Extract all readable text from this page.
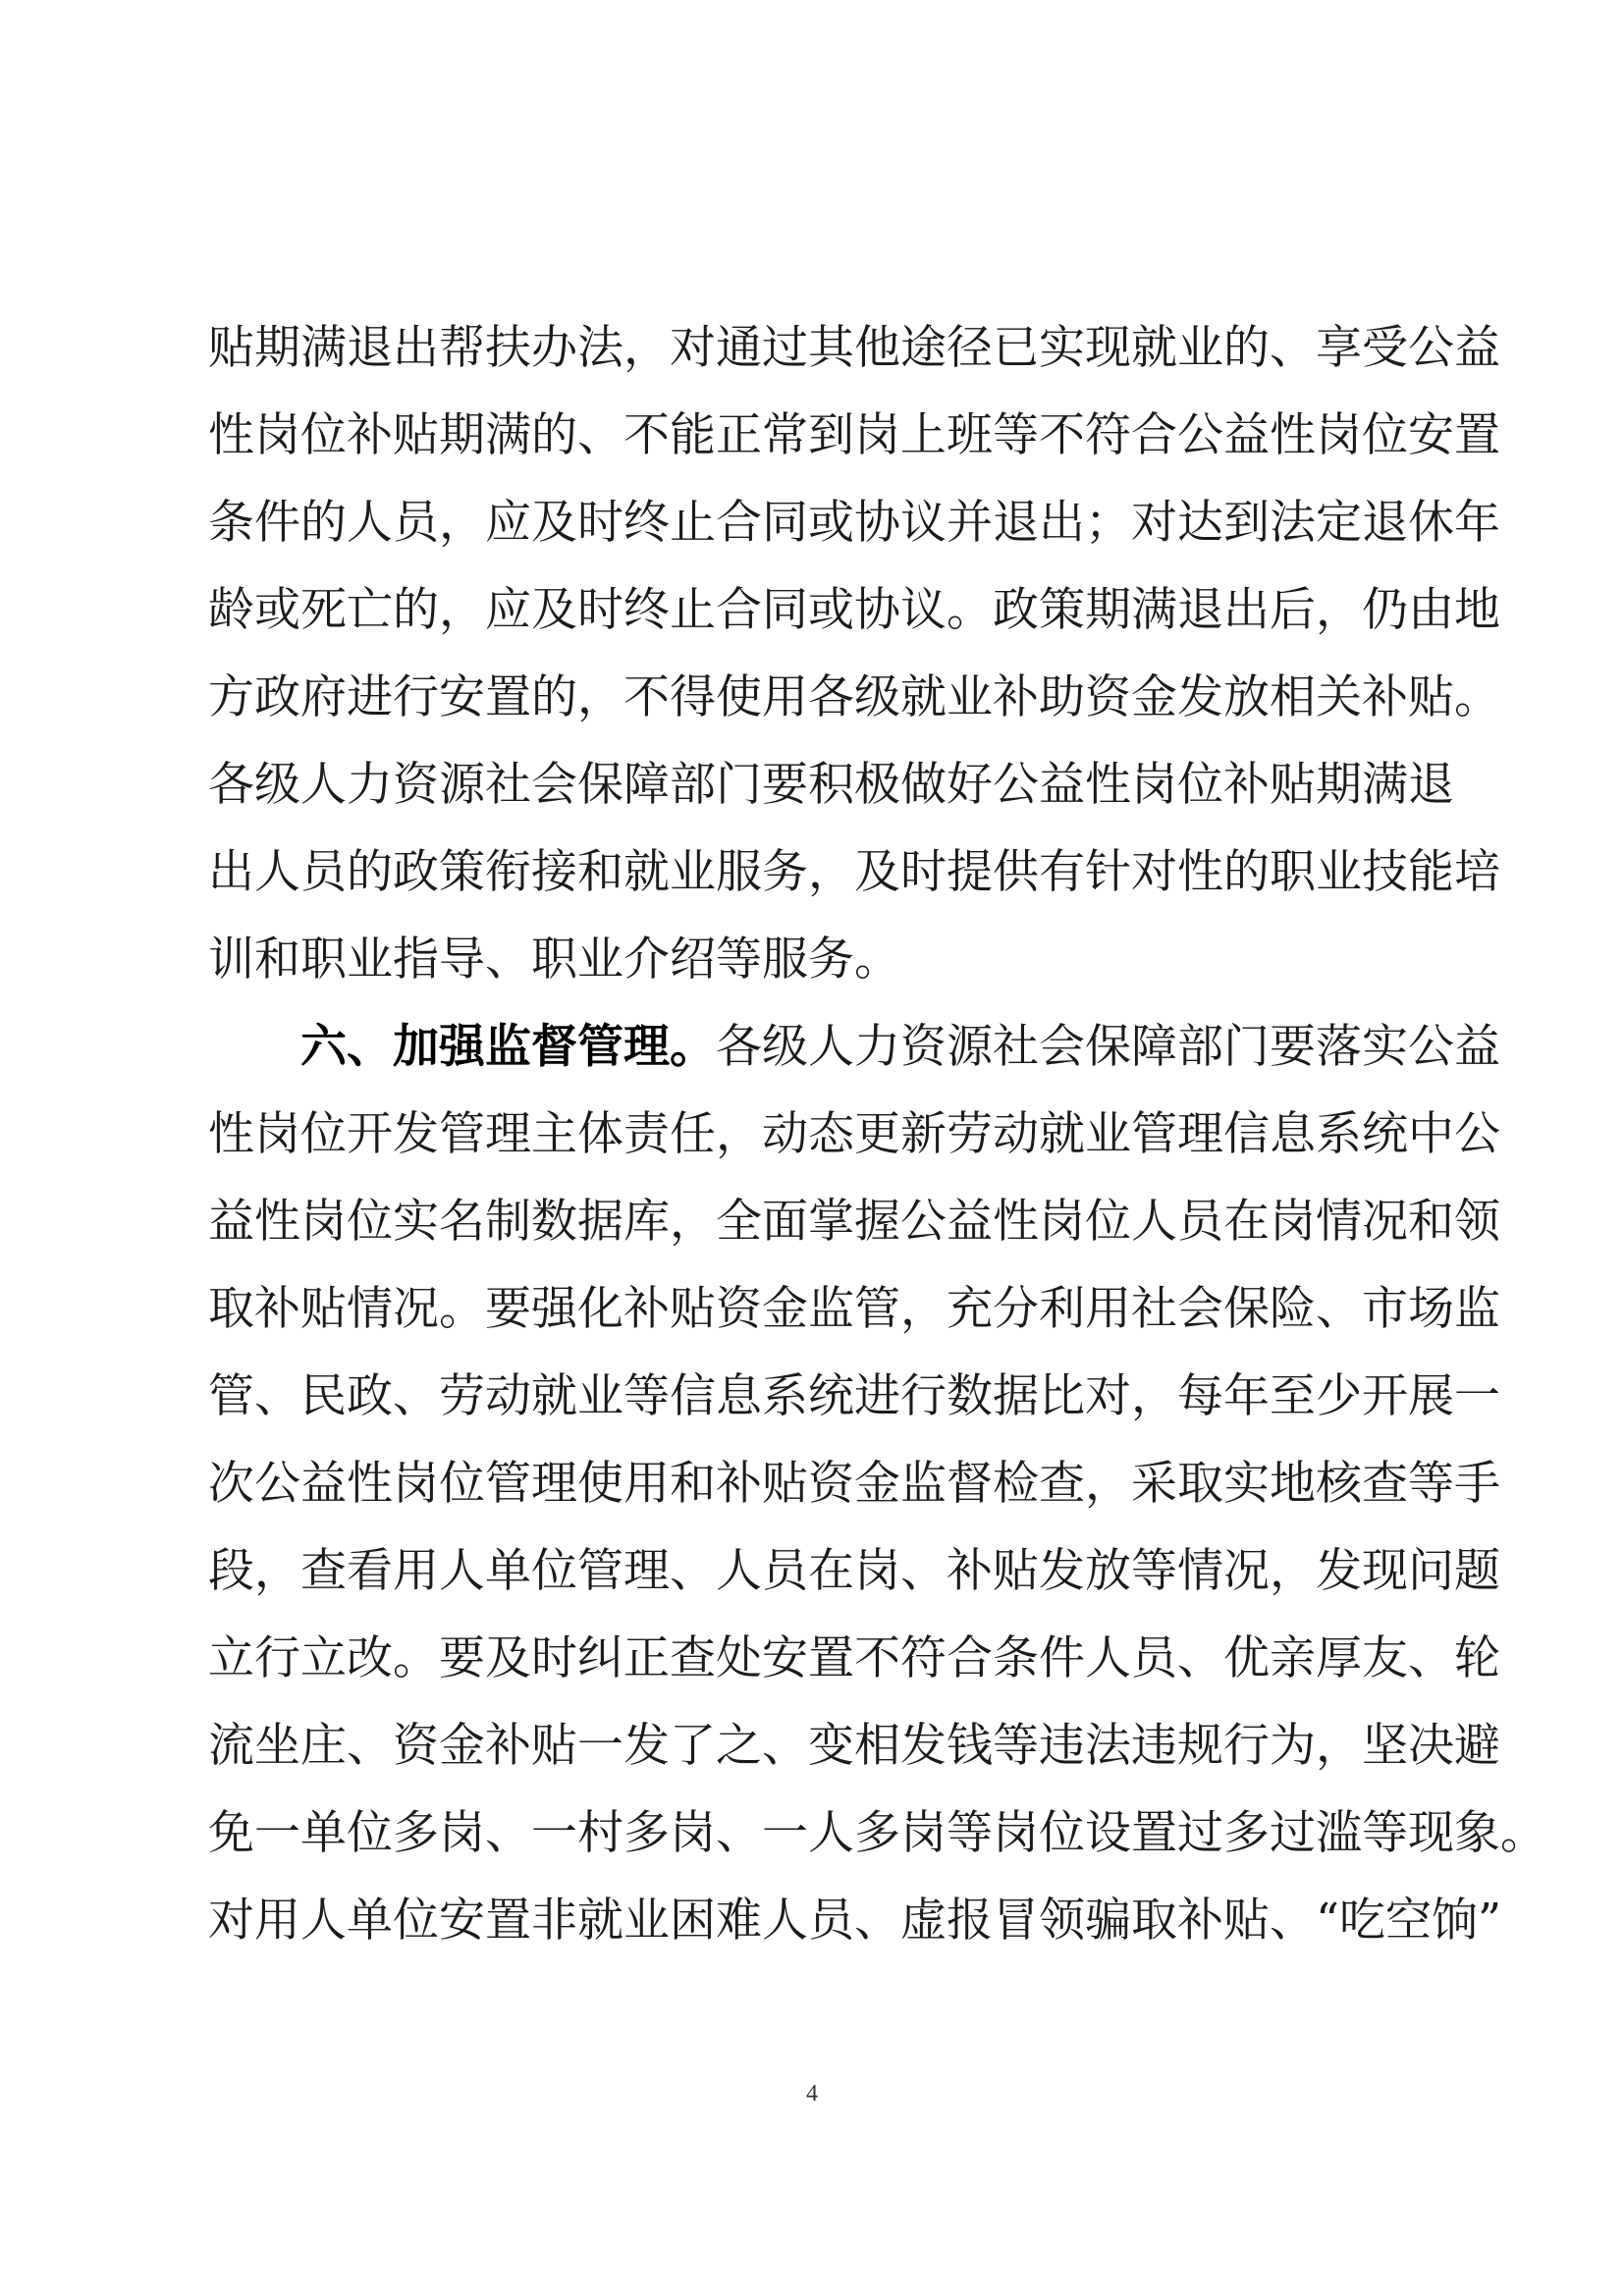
贴期满退出帮扶办法，对通过其他途径已实现就业的、享受公益
性岗位补贴期满的、不能正常到岗上班等不符合公益性岗位安置
条件的人员，应及时终止合同或协议并退出；对达到法定退休年
龄或死亡的，应及时终止合同或协议。政策期满退出后，仍由地
方政府进行安置的，不得使用各级就业补助资金发放相关补贴。
各级人力资源社会保障部门要积极做好公益性岗位补贴期满退
出人员的政策衔接和就业服务，及时提供有针对性的职业技能培
训和职业指导、职业介绍等服务。
六、加强监督管理。各级人力资源社会保障部门要落实公益
性岗位开发管理主体责任，动态更新劳动就业管理信息系统中公
益性岗位实名制数据库，全面掌握公益性岗位人员在岗情况和领
取补贴情况。要强化补贴资金监管，充分利用社会保险、市场监
管、民政、劳动就业等信息系统进行数据比对，每年至少开展一
次公益性岗位管理使用和补贴资金监督检查，采取实地核查等手
段，查看用人单位管理、人员在岗、补贴发放等情况，发现问题
立行立改。要及时纠正查处安置不符合条件人员、优亲厚友、轮
流坐庄、资金补贴一发了之、变相发钱等违法违规行为，坚决避
免一单位多岗、一村多岗、一人多岗等岗位设置过多过滥等现象。
对用人单位安置非就业困难人员、虚报冒领骗取补贴、“吃空饷”
4
